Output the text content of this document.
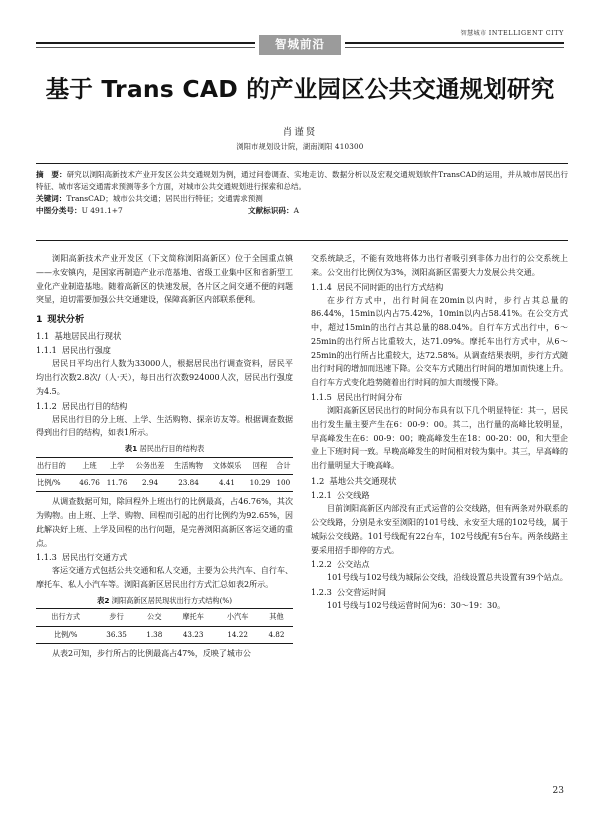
智慧城市 INTELLIGENT CITY
智城前沿
基于 Trans CAD 的产业园区公共交通规划研究
肖谨贤
浏阳市规划设计院，湖南浏阳 410300
摘　要：研究以浏阳高新技术产业开发区公共交通规划为例，通过问卷调查、实地走访、数据分析以及宏观交通规划软件TransCAD的运用，并从城市居民出行特征、城市客运交通需求预测等多个方面，对城市公共交通规划进行探索和总结。
关键词：TransCAD；城市公共交通；居民出行特征；交通需求预测
中图分类号：U 491.1+7	文献标识码：A

浏阳高新技术产业开发区（下文简称浏阳高新区）位于全国重点镇——永安镇内，是国家再制造产业示范基地、省级工业集中区和省新型工业化产业制造基地。随着高新区的快速发展，各片区之间交通不便的问题突显，迫切需要加强公共交通建设，保障高新区内部联系便利。

1 现状分析
1.1 基地居民出行现状
1.1.1 居民出行强度

居民日平均出行人数为33000人，根据居民出行调查资料，居民平均出行次数2.8次/（人·天），每日出行次数924000人次，居民出行强度为4.5。

1.1.2 居民出行目的结构

居民出行目的分上班、上学、生活购物、探亲访友等。根据调查数据得到出行目的结构，如表1所示。

表1 居民出行目的结构表
出行目的	上班	上学	公务出差	生活购物	文体娱乐	回程	合计
比例/%	46.76	11.76	2.94	23.84	4.41	10.29	100

从调查数据可知，除回程外上班出行的比例最高，占46.76%，其次为购物。由上班、上学、购物、回程而引起的出行比例约为92.65%，因此解决好上班、上学及回程的出行问题，是完善浏阳高新区客运交通的重点。

1.1.3 居民出行交通方式

客运交通方式包括公共交通和私人交通，主要为公共汽车、自行车、摩托车、私人小汽车等。浏阳高新区居民出行方式汇总如表2所示。

表2 浏阳高新区居民现状出行方式结构(%)
出行方式	步行	公交	摩托车	小汽车	其他
比例/%	36.35	1.38	43.23	14.22	4.82

从表2可知，步行所占的比例最高占47%，反映了城市公

交系统缺乏，不能有效地将体力出行者吸引到非体力出行的公交系统上来。公交出行比例仅为3%，浏阳高新区需要大力发展公共交通。

1.1.4 居民不同时距的出行方式结构

在步行方式中，出行时间在20min以内时，步行占其总量的86.44%，15min以内占75.42%，10min以内占58.41%。在公交方式中，超过15min的出行占其总量的88.04%。自行车方式出行中，6～25min的出行所占比重较大，达71.09%。摩托车出行方式中，从6～25min的出行所占比重较大，达72.58%。从调查结果表明，步行方式随出行时间的增加而迅速下降。公交车方式随出行时间的增加而快速上升。自行车方式变化趋势随着出行时间的加大而缓慢下降。

1.1.5 居民出行时间分布

浏阳高新区居民出行的时间分布具有以下几个明显特征：其一，居民出行发生量主要产生在6：00-9：00。其二，出行量的高峰比较明显，早高峰发生在6：00-9：00；晚高峰发生在18：00-20：00，和大型企业上下班时间一致。早晚高峰发生的时间相对较为集中。其三，早高峰的出行量明显大于晚高峰。

1.2 基地公共交通现状
1.2.1 公交线路

目前浏阳高新区内部没有正式运营的公交线路，但有两条对外联系的公交线路，分别是永安至浏阳的101号线、永安至大瑶的102号线，属于城际公交线路。101号线配有22台车，102号线配有5台车。两条线路主要采用招手即停的方式。

1.2.2 公交站点

101号线与102号线为城际公交线，沿线设置总共设置有39个站点。

1.2.3 公交营运时间

101号线与102号线运营时间为6：30～19：30。

23
